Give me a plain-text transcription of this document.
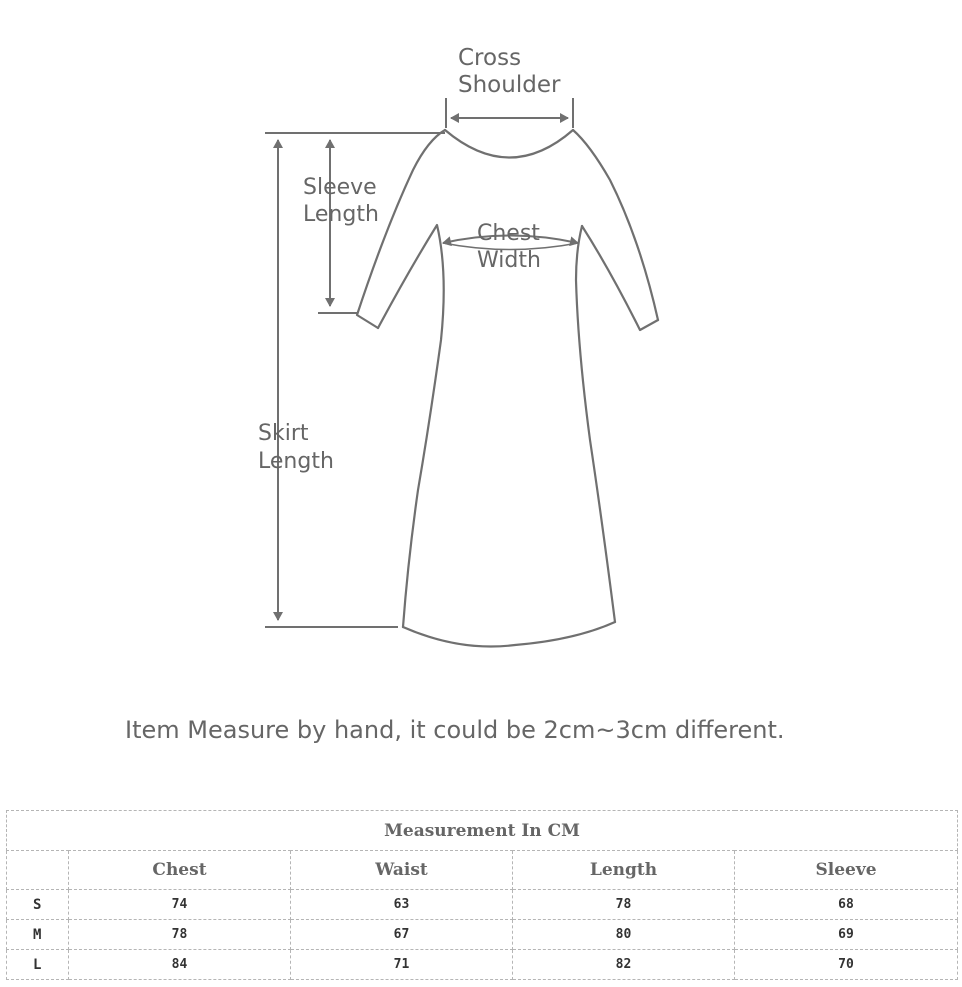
Cross
Shoulder
Sleeve
Length
Chest
Width
Skirt
Length
Item Measure by hand, it could be 2cm~3cm different.
Measurement In CM				
	Chest	Waist	Length	Sleeve
S	74	63	78	68
M	78	67	80	69
L	84	71	82	70
